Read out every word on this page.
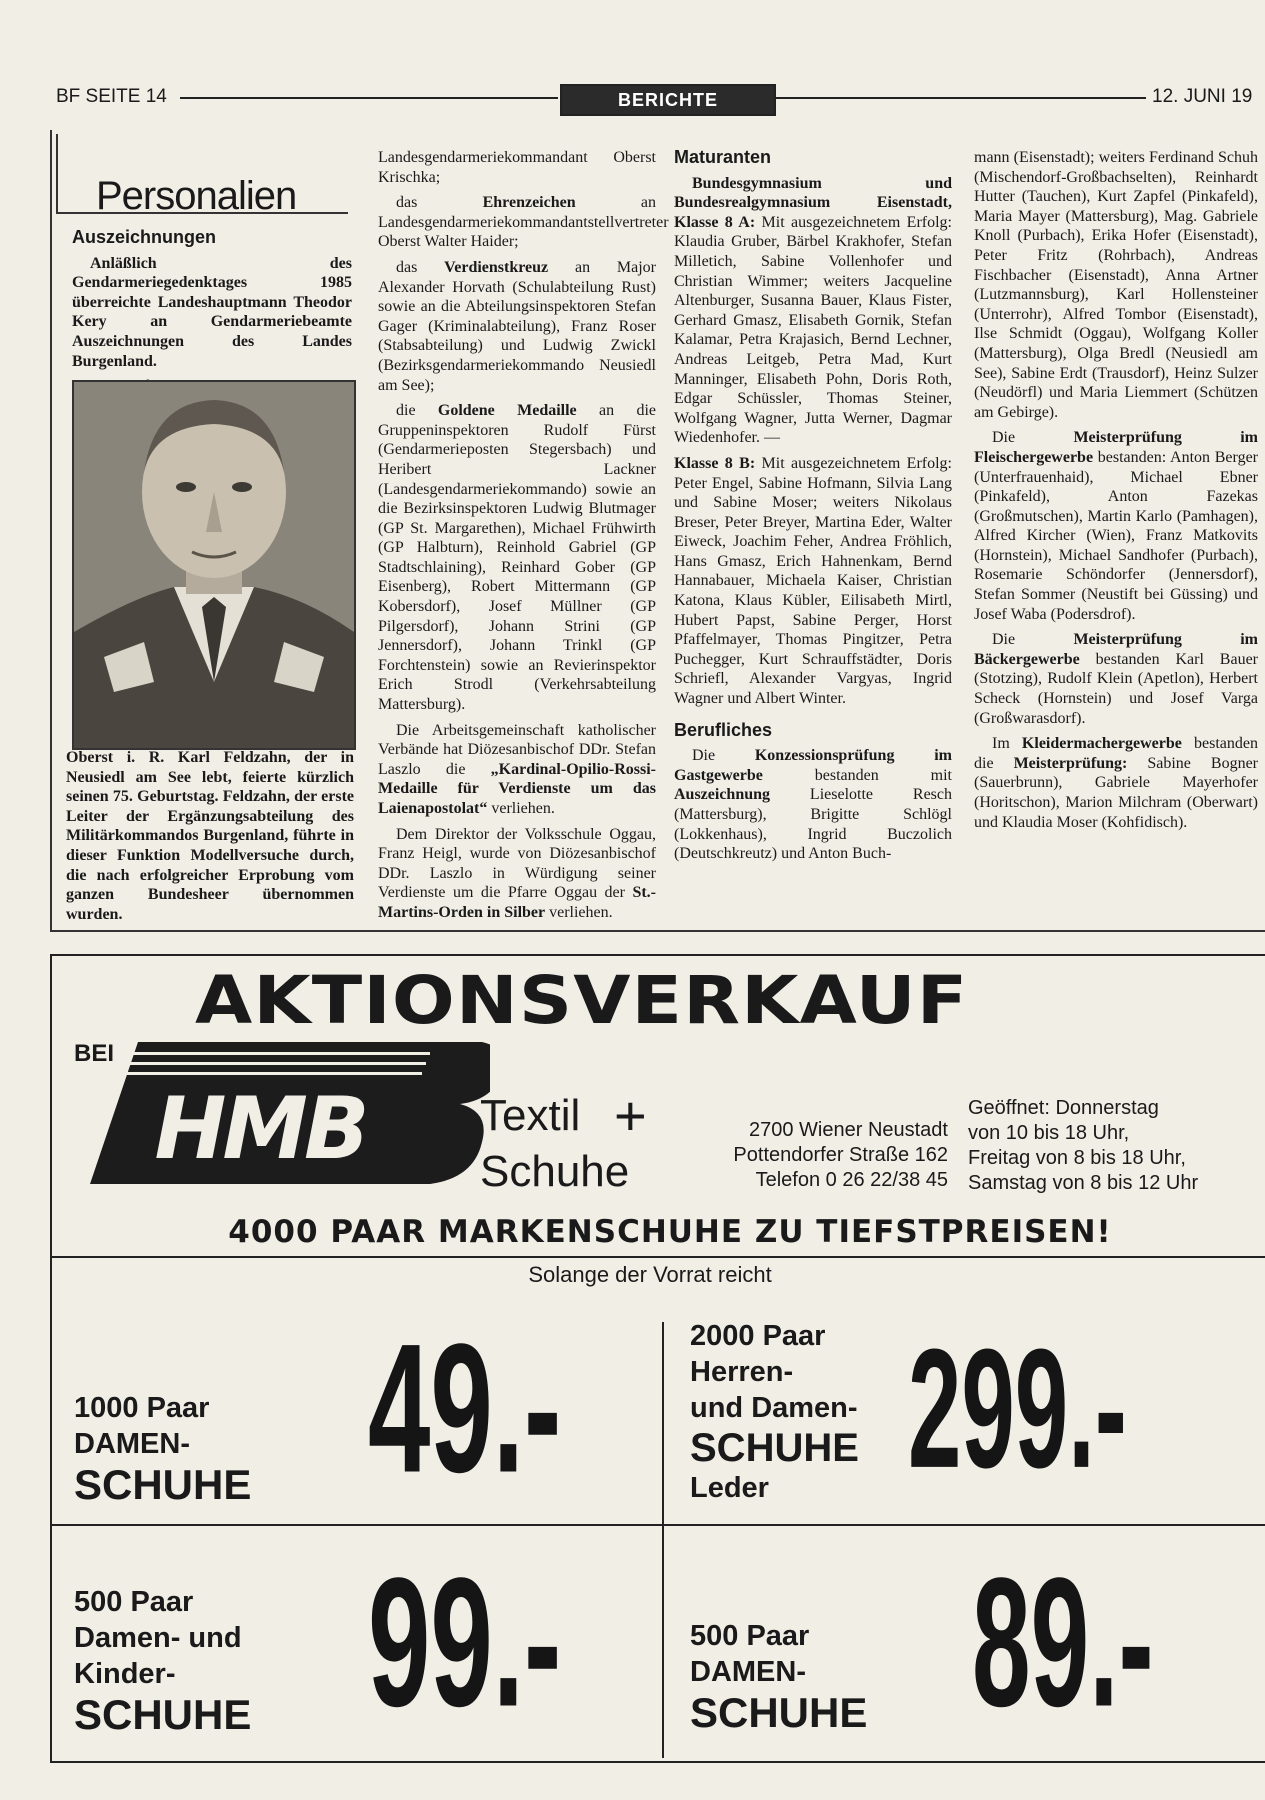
BF SEITE 14	BERICHTE	12. JUNI 19
Personalien
Auszeichnungen

Anläßlich des Gendarmeriegedenktages 1985 überreichte Landeshauptmann Theodor Kery an Gendarmeriebeamte Auszeichnungen des Landes Burgenland.

Oberst i. R. Karl Feldzahn, der in Neusiedl am See lebt, feierte kürzlich seinen 75. Geburtstag. Feldzahn, der erste Leiter der Ergänzungsabteilung des Militärkommandos Burgenland, führte in dieser Funktion Modellversuche durch, die nach erfolgreicher Erprobung vom ganzen Bundesheer übernommen wurden.

Landesgendarmeriekommandant Oberst Krischka;

das Ehrenzeichen an Landesgendarmeriekommandantstellvertreter Oberst Walter Haider;

das Verdienstkreuz an Major Alexander Horvath (Schulabteilung Rust) sowie an die Abteilungsinspektoren Stefan Gager (Kriminalabteilung), Franz Roser (Stabsabteilung) und Ludwig Zwickl (Bezirksgendarmeriekommando Neusiedl am See);

die Goldene Medaille an die Gruppeninspektoren Rudolf Fürst (Gendarmerieposten Stegersbach) und Heribert Lackner (Landesgendarmeriekommando) sowie an die Bezirksinspektoren Ludwig Blutmager (GP St. Margarethen), Michael Frühwirth (GP Halbturn), Reinhold Gabriel (GP Stadtschlaining), Reinhard Gober (GP Eisenberg), Robert Mittermann (GP Kobersdorf), Josef Müllner (GP Pilgersdorf), Johann Strini (GP Jennersdorf), Johann Trinkl (GP Forchtenstein) sowie an Revierinspektor Erich Strodl (Verkehrsabteilung Mattersburg).

Die Arbeitsgemeinschaft katholischer Verbände hat Diözesanbischof DDr. Stefan Laszlo die „Kardinal-Opilio-Rossi-Medaille für Verdienste um das Laienapostolat“ verliehen.

Dem Direktor der Volksschule Oggau, Franz Heigl, wurde von Diözesanbischof DDr. Laszlo in Würdigung seiner Verdienste um die Pfarre Oggau der St.-Martins-Orden in Silber verliehen.

Maturanten

Bundesgymnasium und Bundesrealgymnasium Eisenstadt, Klasse 8 A: Mit ausgezeichnetem Erfolg: Klaudia Gruber, Bärbel Krakhofer, Stefan Milletich, Sabine Vollenhofer und Christian Wimmer; weiters Jacqueline Altenburger, Susanna Bauer, Klaus Fister, Gerhard Gmasz, Elisabeth Gornik, Stefan Kalamar, Petra Krajasich, Bernd Lechner, Andreas Leitgeb, Petra Mad, Kurt Manninger, Elisabeth Pohn, Doris Roth, Edgar Schüssler, Thomas Steiner, Wolfgang Wagner, Jutta Werner, Dagmar Wiedenhofer. —

Klasse 8 B: Mit ausgezeichnetem Erfolg: Peter Engel, Sabine Hofmann, Silvia Lang und Sabine Moser; weiters Nikolaus Breser, Peter Breyer, Martina Eder, Walter Eiweck, Joachim Feher, Andrea Fröhlich, Hans Gmasz, Erich Hahnenkam, Bernd Hannabauer, Michaela Kaiser, Christian Katona, Klaus Kübler, Eilisabeth Mirtl, Hubert Papst, Sabine Perger, Horst Pfaffelmayer, Thomas Pingitzer, Petra Puchegger, Kurt Schrauffstädter, Doris Schriefl, Alexander Vargyas, Ingrid Wagner und Albert Winter.

Berufliches

Die Konzessionsprüfung im Gastgewerbe bestanden mit Auszeichnung Lieselotte Resch (Mattersburg), Brigitte Schlögl (Lokkenhaus), Ingrid Buczolich (Deutschkreutz) und Anton Buch-

mann (Eisenstadt); weiters Ferdinand Schuh (Mischendorf-Großbachselten), Reinhardt Hutter (Tauchen), Kurt Zapfel (Pinkafeld), Maria Mayer (Mattersburg), Mag. Gabriele Knoll (Purbach), Erika Hofer (Eisenstadt), Peter Fritz (Rohrbach), Andreas Fischbacher (Eisenstadt), Anna Artner (Lutzmannsburg), Karl Hollensteiner (Unterrohr), Alfred Tombor (Eisenstadt), Ilse Schmidt (Oggau), Wolfgang Koller (Mattersburg), Olga Bredl (Neusiedl am See), Sabine Erdt (Trausdorf), Heinz Sulzer (Neudörfl) und Maria Liemmert (Schützen am Gebirge).

Die Meisterprüfung im Fleischergewerbe bestanden: Anton Berger (Unterfrauenhaid), Michael Ebner (Pinkafeld), Anton Fazekas (Großmutschen), Martin Karlo (Pamhagen), Alfred Kircher (Wien), Franz Matkovits (Hornstein), Michael Sandhofer (Purbach), Rosemarie Schöndorfer (Jennersdorf), Stefan Sommer (Neustift bei Güssing) und Josef Waba (Podersdrof).

Die Meisterprüfung im Bäckergewerbe bestanden Karl Bauer (Stotzing), Rudolf Klein (Apetlon), Herbert Scheck (Hornstein) und Josef Varga (Großwarasdorf).

Im Kleidermachergewerbe bestanden die Meisterprüfung: Sabine Bogner (Sauerbrunn), Gabriele Mayerhofer (Horitschon), Marion Milchram (Oberwart) und Klaudia Moser (Kohfidisch).

AKTIONSVERKAUF
BEI
HMB	Textil +
Schuhe
2700 Wiener Neustadt
Pottendorfer Straße 162
Telefon 0 26 22/38 45
Geöffnet: Donnerstag
von 10 bis 18 Uhr,
Freitag von 8 bis 18 Uhr,
Samstag von 8 bis 12 Uhr
4000 PAAR MARKENSCHUHE ZU TIEFSTPREISEN!
Solange der Vorrat reicht
1000 Paar
DAMEN-
SCHUHE 49.-	2000 Paar
Herren-
und Damen-
SCHUHE
Leder 299.-
500 Paar
Damen- und
Kinder-
SCHUHE 99.-	500 Paar
DAMEN-
SCHUHE 89.-
